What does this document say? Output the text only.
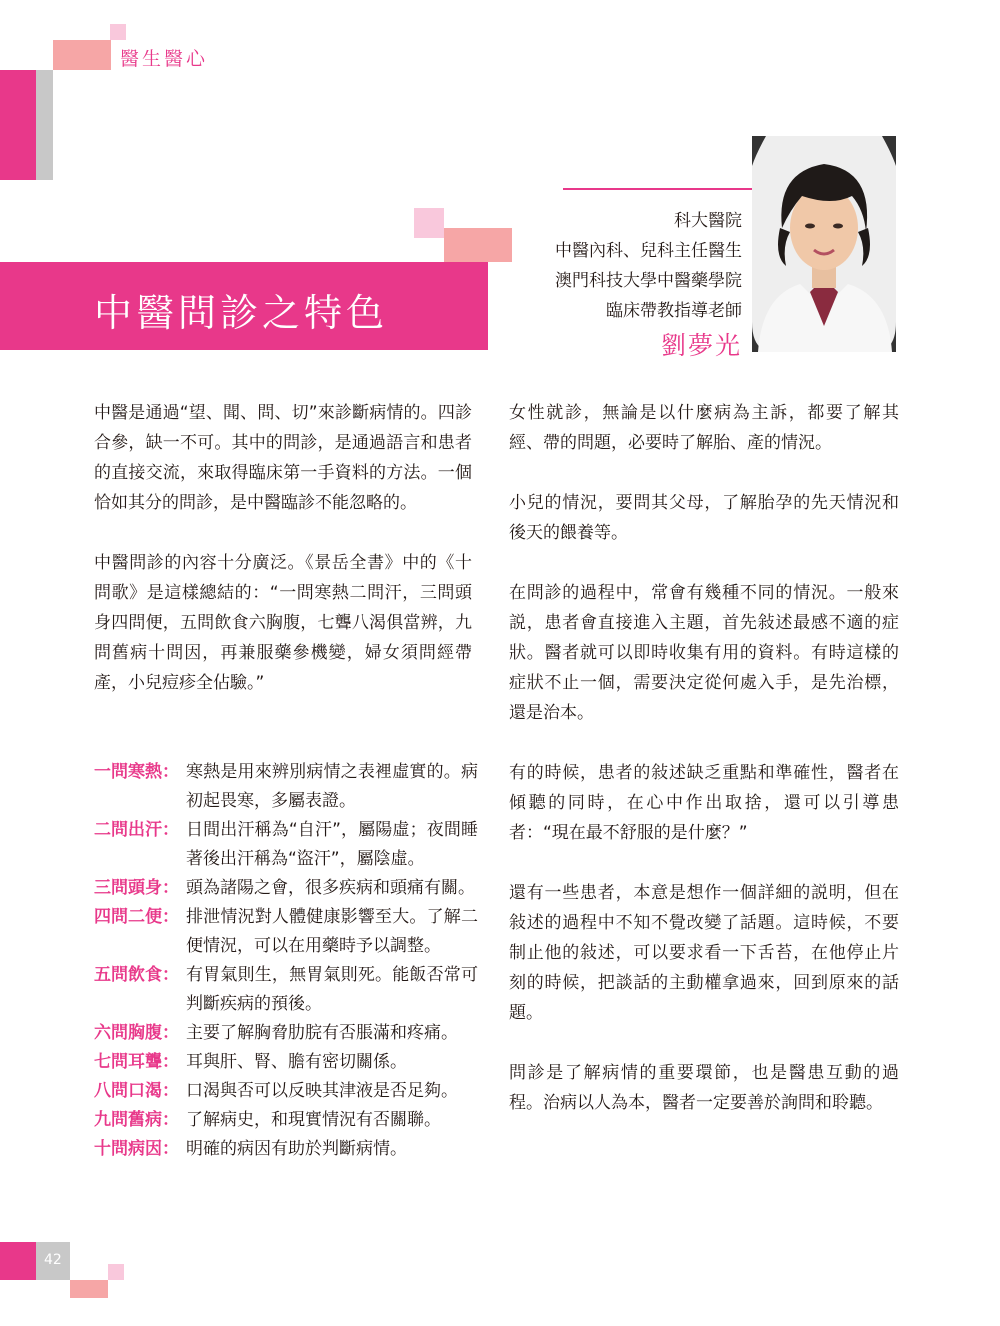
醫生醫心
中醫問診之特色
科大醫院
中醫內科、兒科主任醫生
澳門科技大學中醫藥學院
臨床帶教指導老師
劉夢光

中醫是通過“望、聞、問、切”來診斷病情的。四診合參，缺一不可。其中的問診，是通過語言和患者的直接交流，來取得臨床第一手資料的方法。一個恰如其分的問診，是中醫臨診不能忽略的。

中醫問診的內容十分廣泛。《景岳全書》中的《十問歌》是這樣總結的：“一問寒熱二問汗，三問頭身四問便，五問飲食六胸腹，七聾八渴俱當辨，九問舊病十問因，再兼服藥參機變，婦女須問經帶產，小兒痘疹全佔驗。”

一問寒熱： 寒熱是用來辨別病情之表裡虛實的。病初起畏寒，多屬表證。
二問出汗： 日間出汗稱為“自汗”，屬陽虛；夜間睡著後出汗稱為“盜汗”，屬陰虛。
三問頭身： 頭為諸陽之會，很多疾病和頭痛有關。
四問二便： 排泄情況對人體健康影響至大。了解二便情況，可以在用藥時予以調整。
五問飲食： 有胃氣則生，無胃氣則死。能飯否常可判斷疾病的預後。
六問胸腹： 主要了解胸脅肋脘有否脹滿和疼痛。
七問耳聾： 耳與肝、腎、膽有密切關係。
八問口渴： 口渴與否可以反映其津液是否足夠。
九問舊病： 了解病史，和現實情況有否關聯。
十問病因： 明確的病因有助於判斷病情。

女性就診，無論是以什麼病為主訴，都要了解其經、帶的問題，必要時了解胎、產的情況。

小兒的情況，要問其父母，了解胎孕的先天情況和後天的餵養等。

在問診的過程中，常會有幾種不同的情況。一般來説，患者會直接進入主題，首先敍述最感不適的症狀。醫者就可以即時收集有用的資料。有時這樣的症狀不止一個，需要決定從何處入手，是先治標，還是治本。

有的時候，患者的敍述缺乏重點和準確性，醫者在傾聽的同時，在心中作出取捨，還可以引導患者：“現在最不舒服的是什麼？”

還有一些患者，本意是想作一個詳細的説明，但在敍述的過程中不知不覺改變了話題。這時候，不要制止他的敍述，可以要求看一下舌苔，在他停止片刻的時候，把談話的主動權拿過來，回到原來的話題。

問診是了解病情的重要環節，也是醫患互動的過程。治病以人為本，醫者一定要善於詢問和聆聽。

42
